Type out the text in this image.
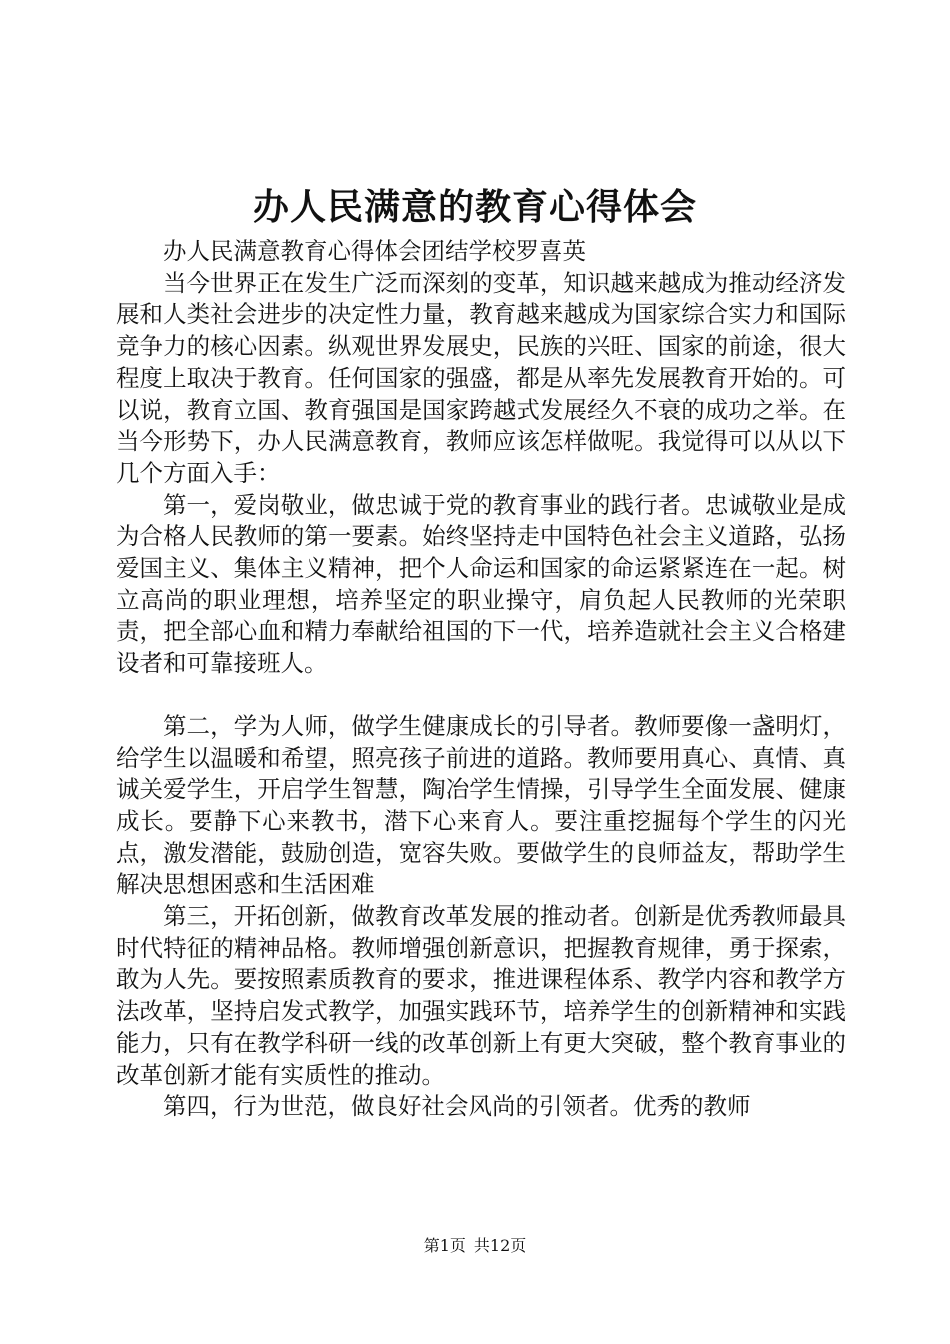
办人民满意的教育心得体会

办人民满意教育心得体会团结学校罗喜英

当今世界正在发生广泛而深刻的变革，知识越来越成为推动经济发展和人类社会进步的决定性力量，教育越来越成为国家综合实力和国际竞争力的核心因素。纵观世界发展史，民族的兴旺、国家的前途，很大程度上取决于教育。任何国家的强盛，都是从率先发展教育开始的。可以说，教育立国、教育强国是国家跨越式发展经久不衰的成功之举。在当今形势下，办人民满意教育，教师应该怎样做呢。我觉得可以从以下几个方面入手：

第一，爱岗敬业，做忠诚于党的教育事业的践行者。忠诚敬业是成为合格人民教师的第一要素。始终坚持走中国特色社会主义道路，弘扬爱国主义、集体主义精神，把个人命运和国家的命运紧紧连在一起。树立高尚的职业理想，培养坚定的职业操守，肩负起人民教师的光荣职责，把全部心血和精力奉献给祖国的下一代，培养造就社会主义合格建设者和可靠接班人。

第二，学为人师，做学生健康成长的引导者。教师要像一盏明灯，给学生以温暖和希望，照亮孩子前进的道路。教师要用真心、真情、真诚关爱学生，开启学生智慧，陶冶学生情操，引导学生全面发展、健康成长。要静下心来教书，潜下心来育人。要注重挖掘每个学生的闪光点，激发潜能，鼓励创造，宽容失败。要做学生的良师益友，帮助学生解决思想困惑和生活困难

第三，开拓创新，做教育改革发展的推动者。创新是优秀教师最具时代特征的精神品格。教师增强创新意识，把握教育规律，勇于探索，敢为人先。要按照素质教育的要求，推进课程体系、教学内容和教学方法改革，坚持启发式教学，加强实践环节，培养学生的创新精神和实践能力，只有在教学科研一线的改革创新上有更大突破，整个教育事业的改革创新才能有实质性的推动。

第四，行为世范，做良好社会风尚的引领者。优秀的教师

第1页 共12页
